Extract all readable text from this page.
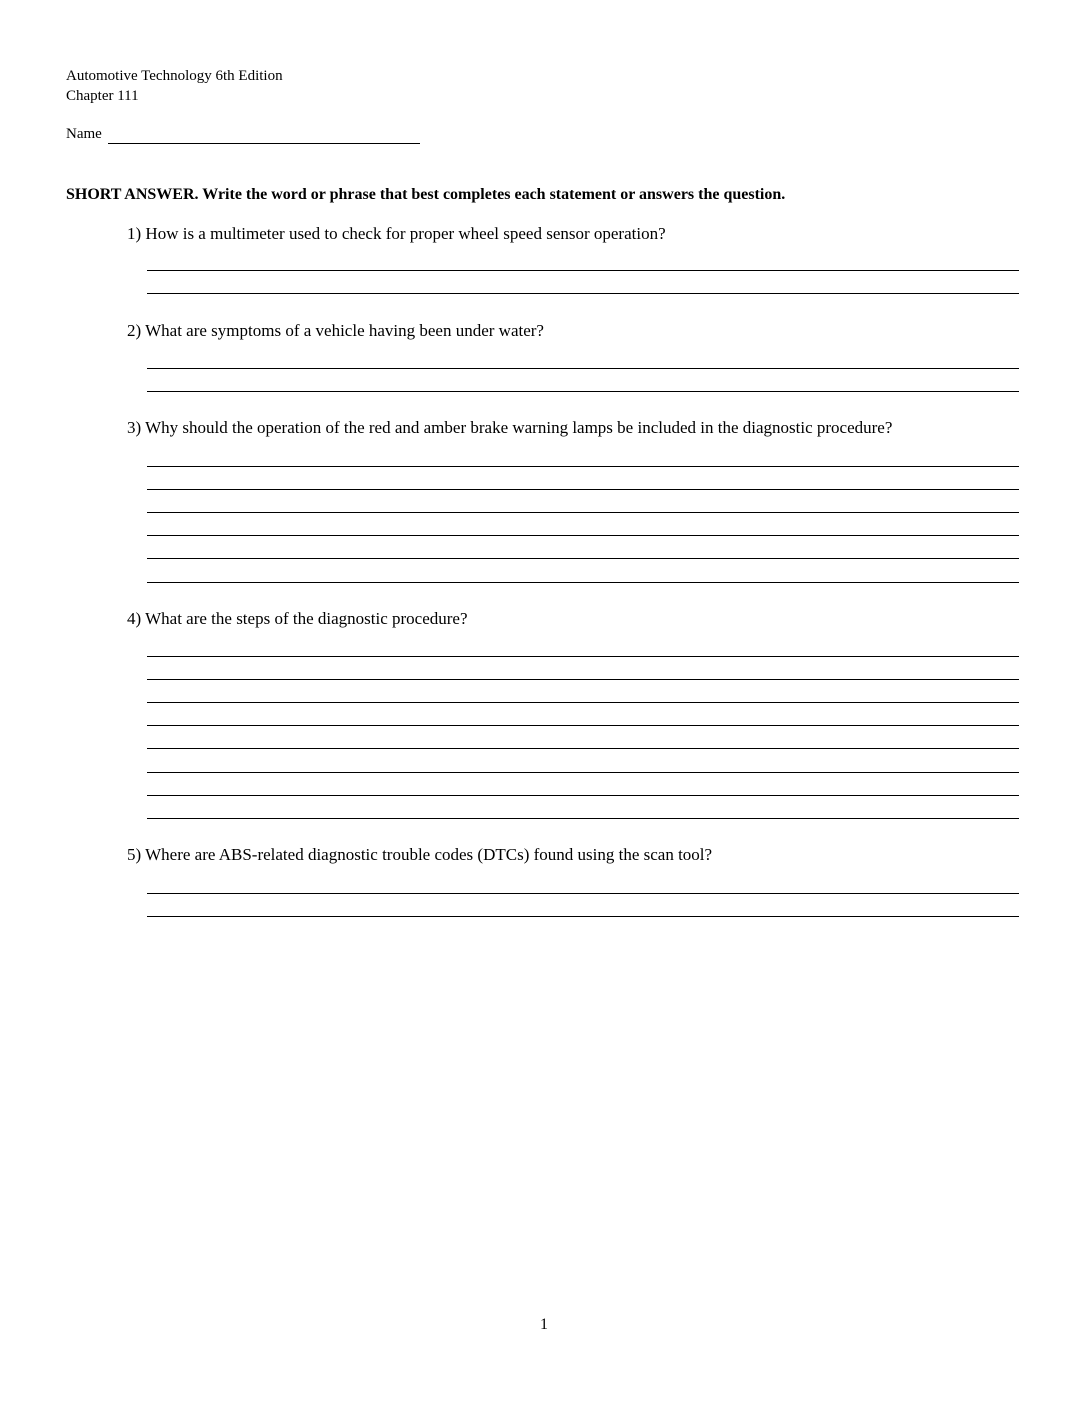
Automotive Technology 6th Edition
Chapter 111
Name
SHORT ANSWER. Write the word or phrase that best completes each statement or answers the question.
1) How is a multimeter used to check for proper wheel speed sensor operation?
2) What are symptoms of a vehicle having been under water?
3) Why should the operation of the red and amber brake warning lamps be included in the diagnostic procedure?
4) What are the steps of the diagnostic procedure?
5) Where are ABS-related diagnostic trouble codes (DTCs) found using the scan tool?
1
